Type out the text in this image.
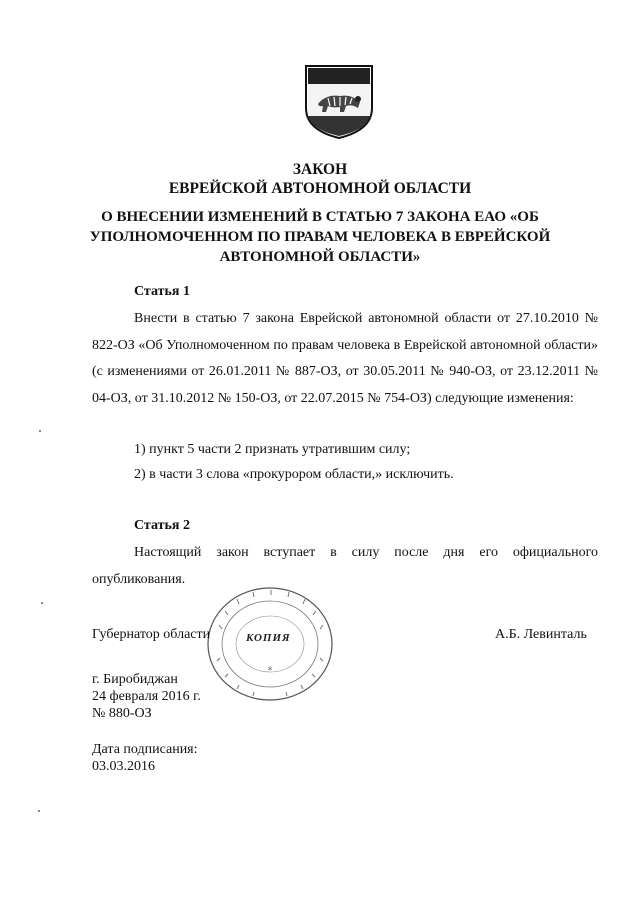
ЗАКОН
ЕВРЕЙСКОЙ АВТОНОМНОЙ ОБЛАСТИ
О ВНЕСЕНИИ ИЗМЕНЕНИЙ В СТАТЬЮ 7 ЗАКОНА ЕАО «ОБ
УПОЛНОМОЧЕННОМ ПО ПРАВАМ ЧЕЛОВЕКА В ЕВРЕЙСКОЙ
АВТОНОМНОЙ ОБЛАСТИ»
Статья 1
Внести в статью 7 закона Еврейской автономной области от 27.10.2010 № 822-ОЗ «Об Уполномоченном по правам человека в Еврейской автономной области» (с изменениями от 26.01.2011 № 887-ОЗ, от 30.05.2011 № 940-ОЗ, от 23.12.2011 № 04-ОЗ, от 31.10.2012 № 150-ОЗ, от 22.07.2015 № 754-ОЗ) следующие изменения:
1) пункт 5 части 2 признать утратившим силу;
2) в части 3 слова «прокурором области,» исключить.
Статья 2
Настоящий закон вступает в силу после дня его официального опубликования.
*
КОПИЯ
Губернатор области	А.Б. Левинталь
г. Биробиджан
24 февраля 2016 г.
№ 880-ОЗ
Дата подписания:
03.03.2016
